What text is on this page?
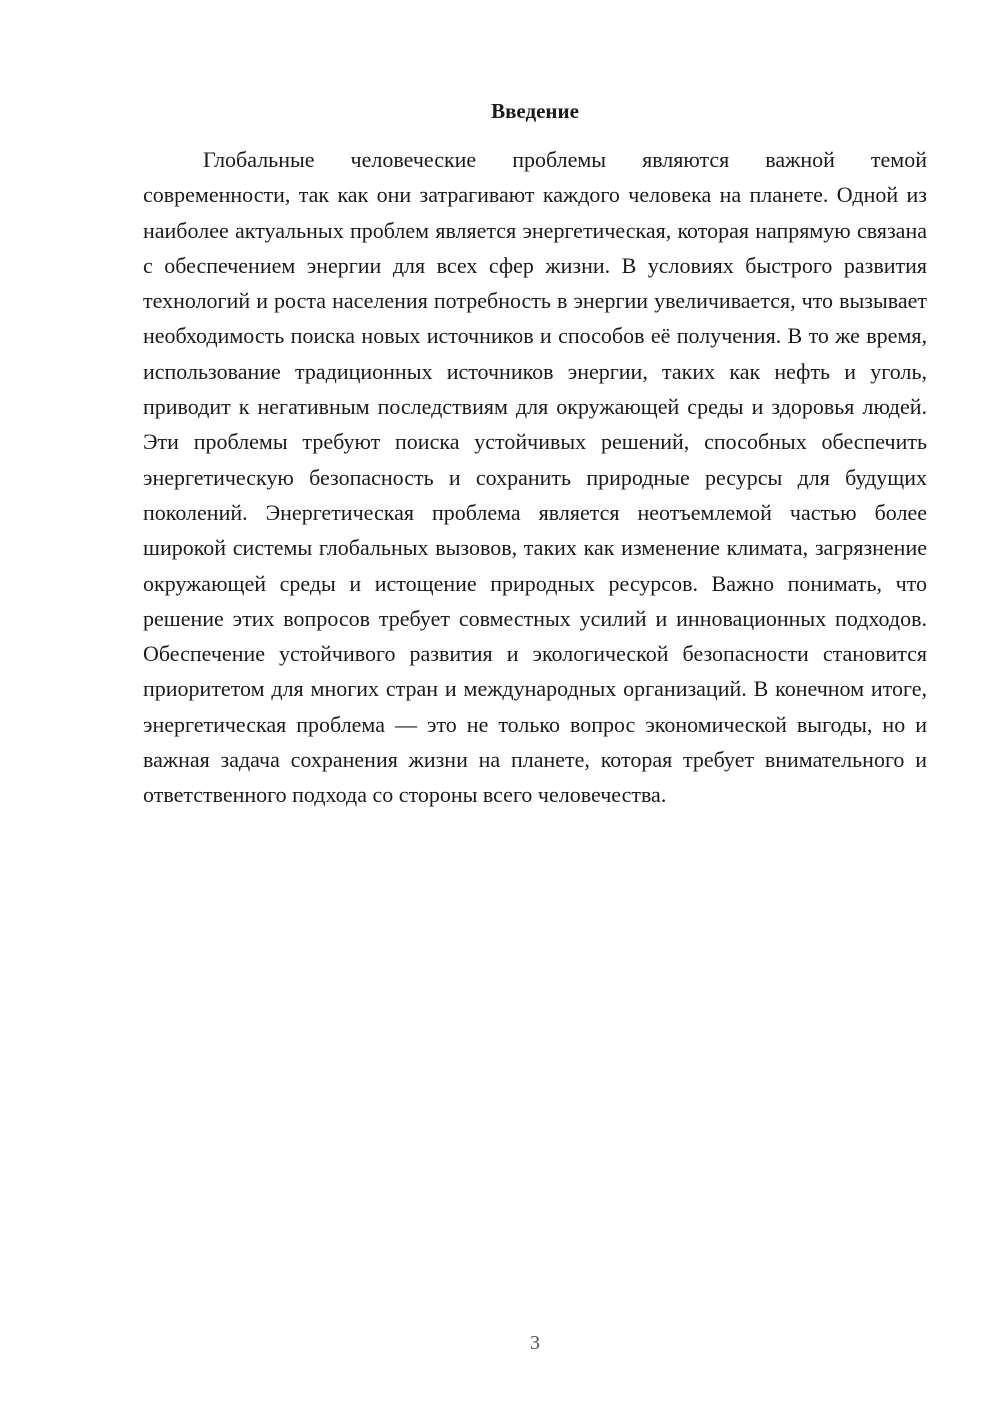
Введение

Глобальные человеческие проблемы являются важной темой современности, так как они затрагивают каждого человека на планете. Одной из наиболее актуальных проблем является энергетическая, которая напрямую связана с обеспечением энергии для всех сфер жизни. В условиях быстрого развития технологий и роста населения потребность в энергии увеличивается, что вызывает необходимость поиска новых источников и способов её получения. В то же время, использование традиционных источников энергии, таких как нефть и уголь, приводит к негативным последствиям для окружающей среды и здоровья людей. Эти проблемы требуют поиска устойчивых решений, способных обеспечить энергетическую безопасность и сохранить природные ресурсы для будущих поколений. Энергетическая проблема является неотъемлемой частью более широкой системы глобальных вызовов, таких как изменение климата, загрязнение окружающей среды и истощение природных ресурсов. Важно понимать, что решение этих вопросов требует совместных усилий и инновационных подходов. Обеспечение устойчивого развития и экологической безопасности становится приоритетом для многих стран и международных организаций. В конечном итоге, энергетическая проблема — это не только вопрос экономической выгоды, но и важная задача сохранения жизни на планете, которая требует внимательного и ответственного подхода со стороны всего человечества.

3
